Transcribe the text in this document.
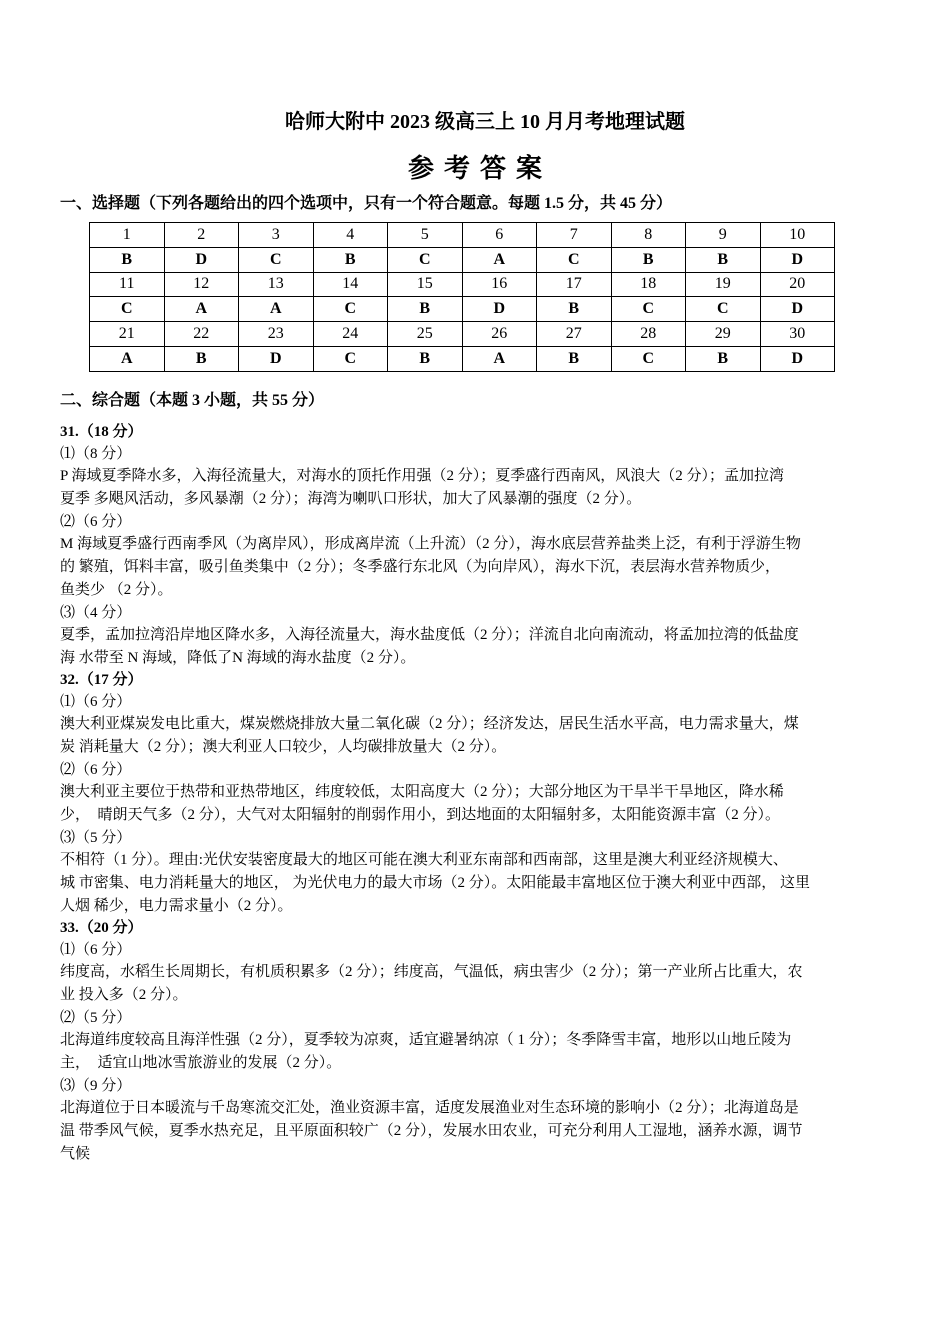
哈师大附中 2023 级高三上 10 月月考地理试题
参考答案
一、选择题（下列各题给出的四个选项中，只有一个符合题意。每题 1.5 分，共 45 分）
1	2	3	4	5	6	7	8	9	10
B	D	C	B	C	A	C	B	B	D
11	12	13	14	15	16	17	18	19	20
C	A	A	C	B	D	B	C	C	D
21	22	23	24	25	26	27	28	29	30
A	B	D	C	B	A	B	C	B	D
二、综合题（本题 3 小题，共 55 分）
31.（18 分）
⑴（8 分）
P 海域夏季降水多，入海径流量大，对海水的顶托作用强（2 分）；夏季盛行西南风，风浪大（2 分）；孟加拉湾
夏季 多飓风活动，多风暴潮（2 分）；海湾为喇叭口形状，加大了风暴潮的强度（2 分）。
⑵（6 分）
M 海域夏季盛行西南季风（为离岸风），形成离岸流（上升流）（2 分），海水底层营养盐类上泛，有利于浮游生物
的 繁殖，饵料丰富，吸引鱼类集中（2 分）；冬季盛行东北风（为向岸风），海水下沉，表层海水营养物质少，
鱼类少 （2 分）。
⑶（4 分）
夏季，孟加拉湾沿岸地区降水多，入海径流量大，海水盐度低（2 分）；洋流自北向南流动，将孟加拉湾的低盐度
海 水带至 N 海域，降低了N 海域的海水盐度（2 分）。
32.（17 分）
⑴（6 分）
澳大利亚煤炭发电比重大，煤炭燃烧排放大量二氧化碳（2 分）；经济发达，居民生活水平高，电力需求量大，煤
炭 消耗量大（2 分）；澳大利亚人口较少，人均碳排放量大（2 分）。
⑵（6 分）
澳大利亚主要位于热带和亚热带地区，纬度较低，太阳高度大（2 分）；大部分地区为干旱半干旱地区，降水稀
少，  晴朗天气多（2 分），大气对太阳辐射的削弱作用小，到达地面的太阳辐射多，太阳能资源丰富（2 分）。
⑶（5 分）
不相符（1 分）。理由:光伏安装密度最大的地区可能在澳大利亚东南部和西南部，这里是澳大利亚经济规模大、
城 市密集、电力消耗量大的地区， 为光伏电力的最大市场（2 分）。太阳能最丰富地区位于澳大利亚中西部， 这里
人烟 稀少，电力需求量小（2 分）。
33.（20 分）
⑴（6 分）
纬度高，水稻生长周期长，有机质积累多（2 分）；纬度高，气温低，病虫害少（2 分）；第一产业所占比重大，农
业 投入多（2 分）。
⑵（5 分）
北海道纬度较高且海洋性强（2 分），夏季较为凉爽，适宜避暑纳凉（ 1 分）；冬季降雪丰富，地形以山地丘陵为
主，  适宜山地冰雪旅游业的发展（2 分）。
⑶（9 分）
北海道位于日本暖流与千岛寒流交汇处，渔业资源丰富，适度发展渔业对生态环境的影响小（2 分）；北海道岛是
温 带季风气候，夏季水热充足，且平原面积较广（2 分），发展水田农业，可充分利用人工湿地，涵养水源，调节
气候
